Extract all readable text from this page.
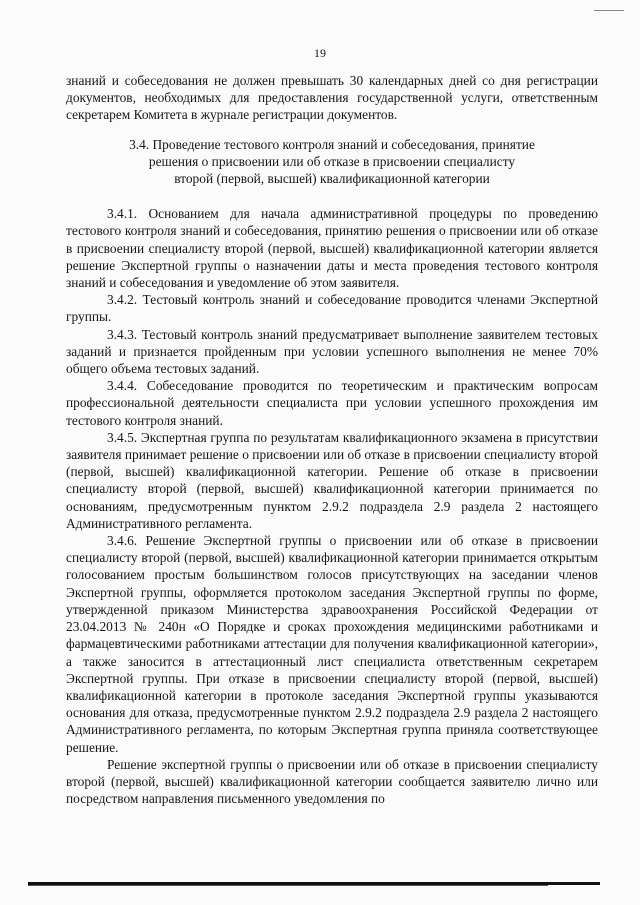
19

знаний и собеседования не должен превышать 30 календарных дней со дня регистрации документов, необходимых для предоставления государственной услуги, ответственным секретарем Комитета в журнале регистрации документов.

3.4. Проведение тестового контроля знаний и собеседования, принятие
решения о присвоении или об отказе в присвоении специалисту
второй (первой, высшей) квалификационной категории

3.4.1. Основанием для начала административной процедуры по проведению тестового контроля знаний и собеседования, принятию решения о присвоении или об отказе в присвоении специалисту второй (первой, высшей) квалификационной категории является решение Экспертной группы о назначении даты и места проведения тестового контроля знаний и собеседования и уведомление об этом заявителя.

3.4.2. Тестовый контроль знаний и собеседование проводится членами Экспертной группы.

3.4.3. Тестовый контроль знаний предусматривает выполнение заявителем тестовых заданий и признается пройденным при условии успешного выполнения не менее 70% общего объема тестовых заданий.

3.4.4. Собеседование проводится по теоретическим и практическим вопросам профессиональной деятельности специалиста при условии успешного прохождения им тестового контроля знаний.

3.4.5. Экспертная группа по результатам квалификационного экзамена в присутствии заявителя принимает решение о присвоении или об отказе в присвоении специалисту второй (первой, высшей) квалификационной категории. Решение об отказе в присвоении специалисту второй (первой, высшей) квалификационной категории принимается по основаниям, предусмотренным пунктом 2.9.2 подраздела 2.9 раздела 2 настоящего Административного регламента.

3.4.6. Решение Экспертной группы о присвоении или об отказе в присвоении специалисту второй (первой, высшей) квалификационной категории принимается открытым голосованием простым большинством голосов присутствующих на заседании членов Экспертной группы, оформляется протоколом заседания Экспертной группы по форме, утвержденной приказом Министерства здравоохранения Российской Федерации от 23.04.2013 № 240н «О Порядке и сроках прохождения медицинскими работниками и фармацевтическими работниками аттестации для получения квалификационной категории», а также заносится в аттестационный лист специалиста ответственным секретарем Экспертной группы. При отказе в присвоении специалисту второй (первой, высшей) квалификационной категории в протоколе заседания Экспертной группы указываются основания для отказа, предусмотренные пунктом 2.9.2 подраздела 2.9 раздела 2 настоящего Административного регламента, по которым Экспертная группа приняла соответствующее решение.

Решение экспертной группы о присвоении или об отказе в присвоении специалисту второй (первой, высшей) квалификационной категории сообщается заявителю лично или посредством направления письменного уведомления по
